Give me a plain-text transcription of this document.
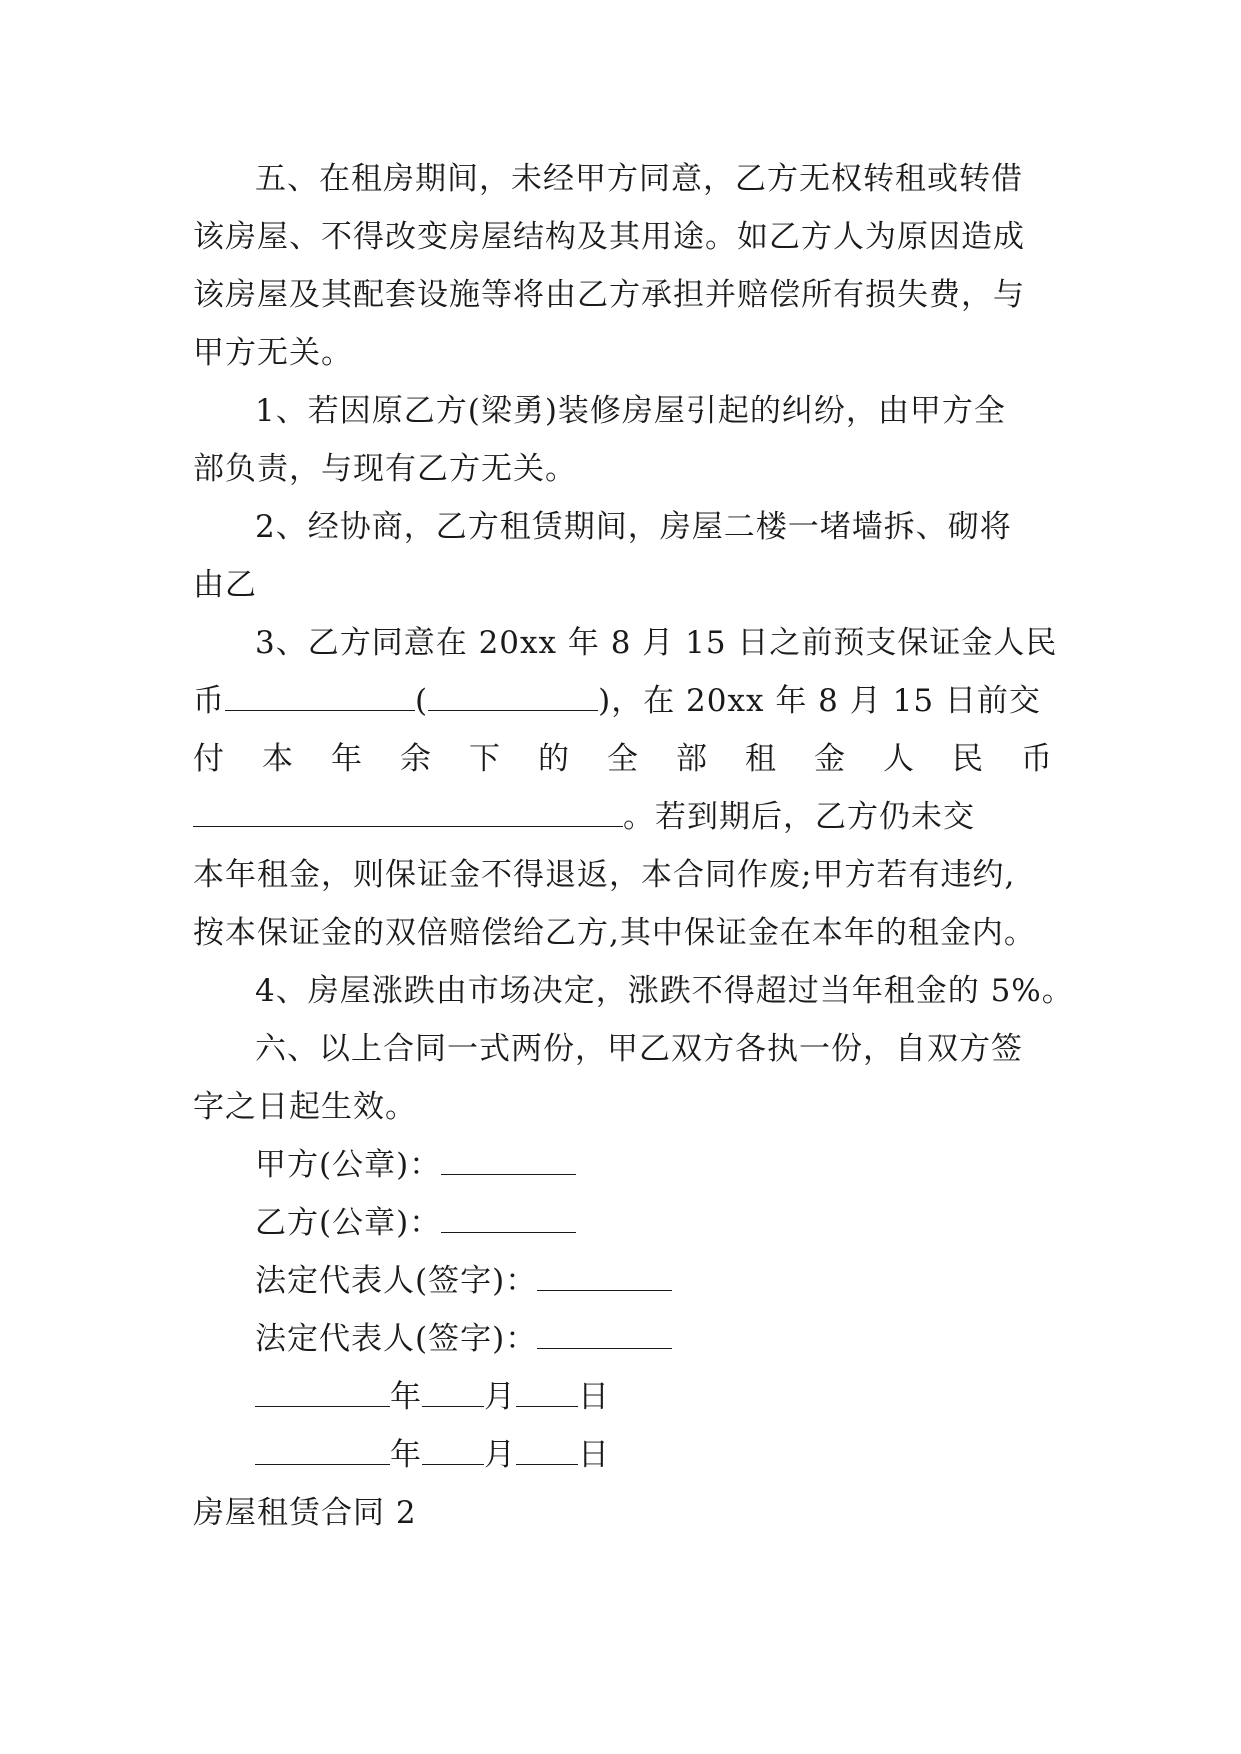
五、在租房期间，未经甲方同意，乙方无权转租或转借
该房屋、不得改变房屋结构及其用途。如乙方人为原因造成
该房屋及其配套设施等将由乙方承担并赔偿所有损失费，与
甲方无关。

1、若因原乙方(梁勇)装修房屋引起的纠纷，由甲方全
部负责，与现有乙方无关。

2、经协商，乙方租赁期间，房屋二楼一堵墙拆、砌将
由乙

3、乙方同意在 20xx 年 8 月 15 日之前预支保证金人民
币	(	)，在 20xx 年 8 月 15 日前交
付 本 年 余 下 的 全 部 租 金 人 民 币
。若到期后，乙方仍未交
本年租金，则保证金不得退返，本合同作废;甲方若有违约,
按本保证金的双倍赔偿给乙方,其中保证金在本年的租金内。

4、房屋涨跌由市场决定，涨跌不得超过当年租金的 5%。

六、以上合同一式两份，甲乙双方各执一份，自双方签
字之日起生效。

甲方(公章)：

乙方(公章)：

法定代表人(签字)：

法定代表人(签字)：

年 月 日

年 月 日

房屋租赁合同 2
